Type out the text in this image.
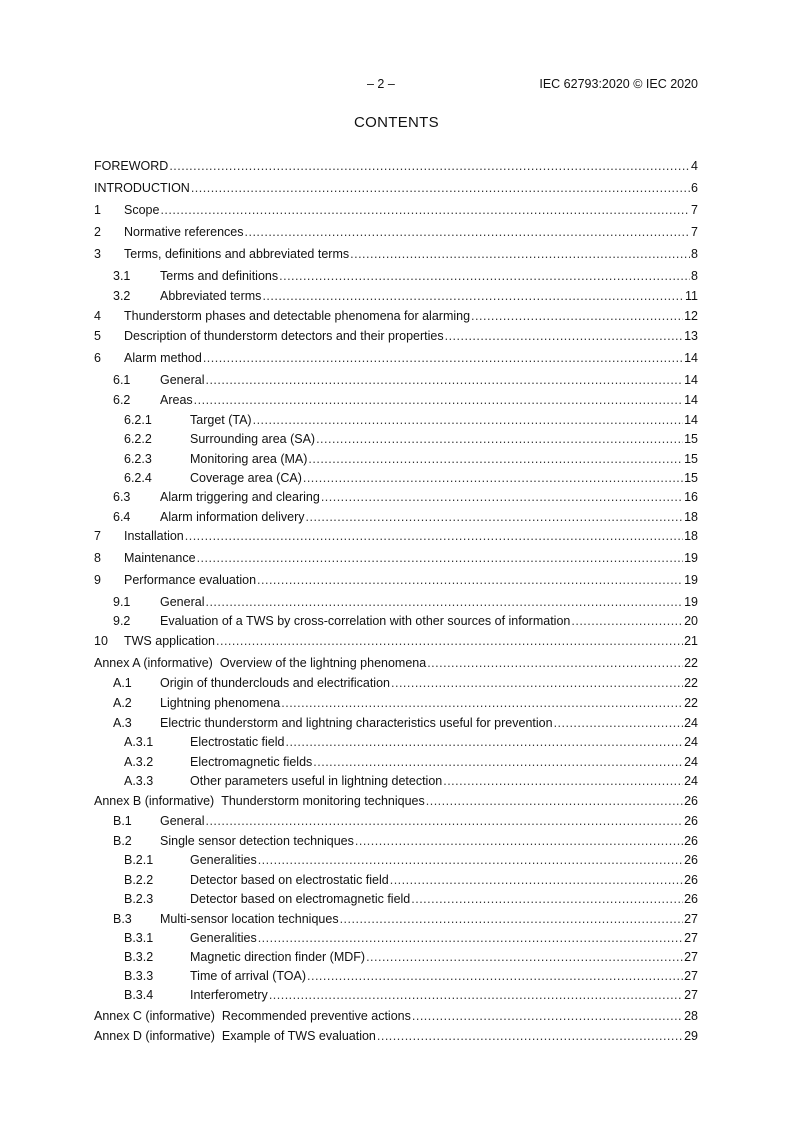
– 2 –	IEC 62793:2020 © IEC 2020
CONTENTS
FOREWORD .....	4
INTRODUCTION .....	6
1	Scope .....	7
2	Normative references .....	7
3	Terms, definitions and abbreviated terms .....	8
3.1	Terms and definitions .....	8
3.2	Abbreviated terms .....	11
4	Thunderstorm phases and detectable phenomena for alarming .....	12
5	Description of thunderstorm detectors and their properties .....	13
6	Alarm method .....	14
6.1	General .....	14
6.2	Areas .....	14
6.2.1	Target (TA) .....	14
6.2.2	Surrounding area (SA) .....	15
6.2.3	Monitoring area (MA) .....	15
6.2.4	Coverage area (CA) .....	15
6.3	Alarm triggering and clearing .....	16
6.4	Alarm information delivery .....	18
7	Installation .....	18
8	Maintenance .....	19
9	Performance evaluation .....	19
9.1	General .....	19
9.2	Evaluation of a TWS by cross-correlation with other sources of information .....	20
10	TWS application .....	21
Annex A (informative) Overview of the lightning phenomena .....	22
A.1	Origin of thunderclouds and electrification .....	22
A.2	Lightning phenomena .....	22
A.3	Electric thunderstorm and lightning characteristics useful for prevention .....	24
A.3.1	Electrostatic field .....	24
A.3.2	Electromagnetic fields .....	24
A.3.3	Other parameters useful in lightning detection .....	24
Annex B (informative) Thunderstorm monitoring techniques .....	26
B.1	General .....	26
B.2	Single sensor detection techniques .....	26
B.2.1	Generalities .....	26
B.2.2	Detector based on electrostatic field .....	26
B.2.3	Detector based on electromagnetic field .....	26
B.3	Multi-sensor location techniques .....	27
B.3.1	Generalities .....	27
B.3.2	Magnetic direction finder (MDF) .....	27
B.3.3	Time of arrival (TOA) .....	27
B.3.4	Interferometry .....	27
Annex C (informative) Recommended preventive actions .....	28
Annex D (informative) Example of TWS evaluation .....	29
